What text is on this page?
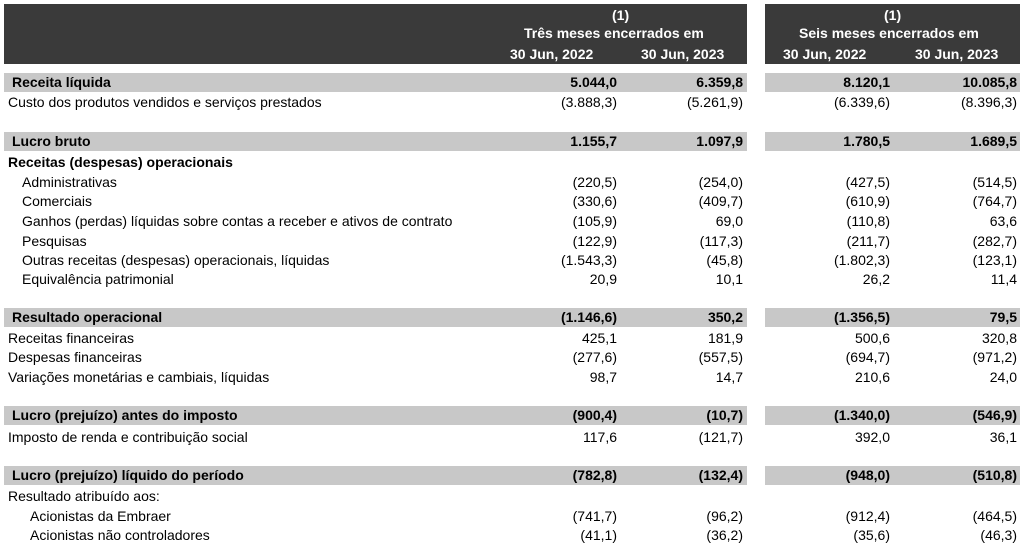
(1)
Três meses encerrados em
30 Jun, 2022	30 Jun, 2023
(1)
Seis meses encerrados em
30 Jun, 2022	30 Jun, 2023
Receita líquida	5.044,0	6.359,8	8.120,1	10.085,8
Custo dos produtos vendidos e serviços prestados	(3.888,3)	(5.261,9)	(6.339,6)	(8.396,3)
Lucro bruto	1.155,7	1.097,9	1.780,5	1.689,5
Receitas (despesas) operacionais
Administrativas	(220,5)	(254,0)	(427,5)	(514,5)
Comerciais	(330,6)	(409,7)	(610,9)	(764,7)
Ganhos (perdas) líquidas sobre contas a receber e ativos de contrato	(105,9)	69,0	(110,8)	63,6
Pesquisas	(122,9)	(117,3)	(211,7)	(282,7)
Outras receitas (despesas) operacionais, líquidas	(1.543,3)	(45,8)	(1.802,3)	(123,1)
Equivalência patrimonial	20,9	10,1	26,2	11,4
Resultado operacional	(1.146,6)	350,2	(1.356,5)	79,5
Receitas financeiras	425,1	181,9	500,6	320,8
Despesas financeiras	(277,6)	(557,5)	(694,7)	(971,2)
Variações monetárias e cambiais, líquidas	98,7	14,7	210,6	24,0
Lucro (prejuízo) antes do imposto	(900,4)	(10,7)	(1.340,0)	(546,9)
Imposto de renda e contribuição social	117,6	(121,7)	392,0	36,1
Lucro (prejuízo) líquido do período	(782,8)	(132,4)	(948,0)	(510,8)
Resultado atribuído aos:
Acionistas da Embraer	(741,7)	(96,2)	(912,4)	(464,5)
Acionistas não controladores	(41,1)	(36,2)	(35,6)	(46,3)
